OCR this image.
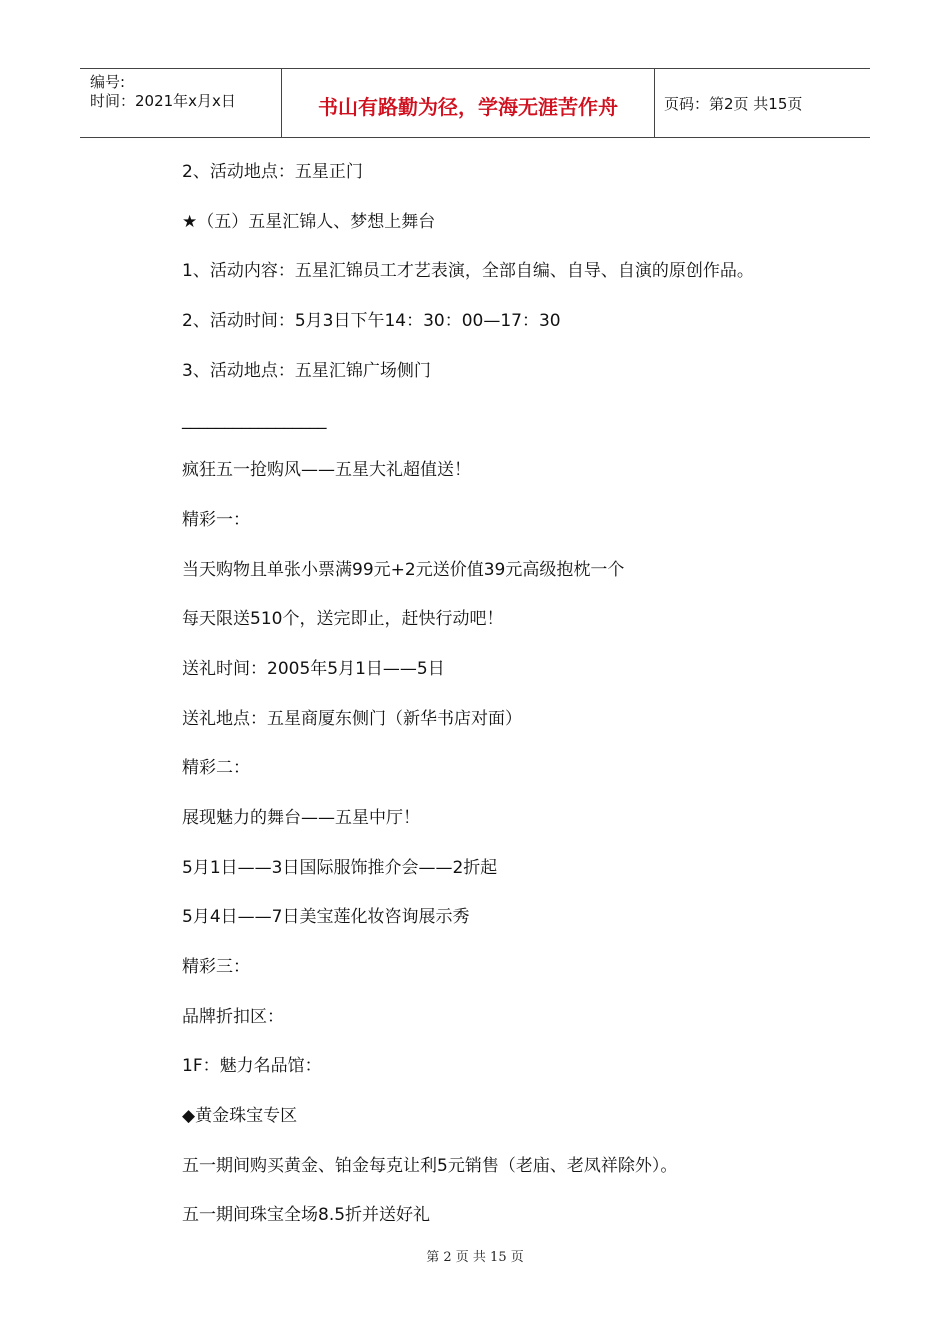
编号:
时间：2021年x月x日	书山有路勤为径，学海无涯苦作舟	页码：第2页 共15页
2、活动地点：五星正门
★（五）五星汇锦人、梦想上舞台
1、活动内容：五星汇锦员工才艺表演，全部自编、自导、自演的原创作品。
2、活动时间：5月3日下午14：30：00—17：30
3、活动地点：五星汇锦广场侧门
_________________
疯狂五一抢购风——五星大礼超值送！
精彩一：
当天购物且单张小票满99元+2元送价值39元高级抱枕一个
每天限送510个，送完即止，赶快行动吧！
送礼时间：2005年5月1日——5日
送礼地点：五星商厦东侧门（新华书店对面）
精彩二：
展现魅力的舞台——五星中厅！
5月1日——3日国际服饰推介会——2折起
5月4日——7日美宝莲化妆咨询展示秀
精彩三：
品牌折扣区：
1F：魅力名品馆：
◆黄金珠宝专区
五一期间购买黄金、铂金每克让利5元销售（老庙、老凤祥除外）。
五一期间珠宝全场8.5折并送好礼
第 2 页 共 15 页
